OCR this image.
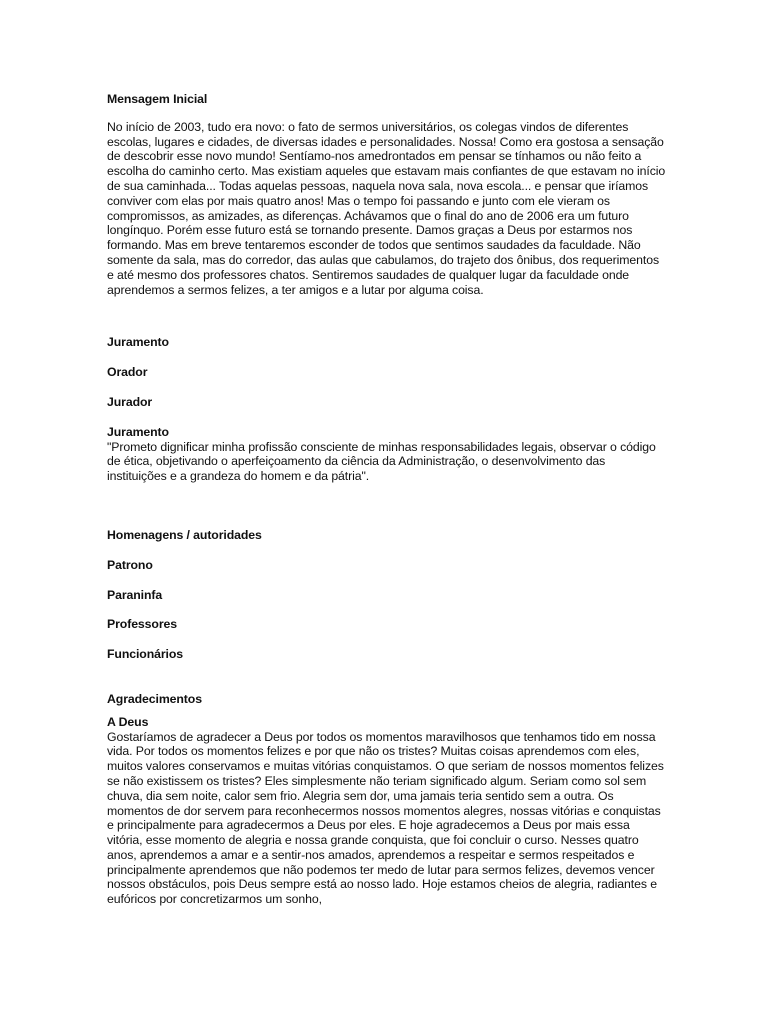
Mensagem Inicial

No início de 2003, tudo era novo: o fato de sermos universitários, os colegas vindos de diferentes escolas, lugares e cidades, de diversas idades e personalidades. Nossa! Como era gostosa a sensação de descobrir esse novo mundo! Sentíamo-nos amedrontados em pensar se tínhamos ou não feito a escolha do caminho certo. Mas existiam aqueles que estavam mais confiantes de que estavam no início de sua caminhada... Todas aquelas pessoas, naquela nova sala, nova escola... e pensar que iríamos conviver com elas por mais quatro anos! Mas o tempo foi passando e junto com ele vieram os compromissos, as amizades, as diferenças. Achávamos que o final do ano de 2006 era um futuro longínquo. Porém esse futuro está se tornando presente. Damos graças a Deus por estarmos nos formando. Mas em breve tentaremos esconder de todos que sentimos saudades da faculdade. Não somente da sala, mas do corredor, das aulas que cabulamos, do trajeto dos ônibus, dos requerimentos e até mesmo dos professores chatos. Sentiremos saudades de qualquer lugar da faculdade onde aprendemos a sermos felizes, a ter amigos e a lutar por alguma coisa.

Juramento
Orador
Jurador
Juramento

"Prometo dignificar minha profissão consciente de minhas responsabilidades legais, observar o código de ética, objetivando o aperfeiçoamento da ciência da Administração, o desenvolvimento das instituições e a grandeza do homem e da pátria".

Homenagens / autoridades
Patrono
Paraninfa
Professores
Funcionários
Agradecimentos
A Deus

Gostaríamos de agradecer a Deus por todos os momentos maravilhosos que tenhamos tido em nossa vida. Por todos os momentos felizes e por que não os tristes? Muitas coisas aprendemos com eles, muitos valores conservamos e muitas vitórias conquistamos. O que seriam de nossos momentos felizes se não existissem os tristes? Eles simplesmente não teriam significado algum. Seriam como sol sem chuva, dia sem noite, calor sem frio. Alegria sem dor, uma jamais teria sentido sem a outra. Os momentos de dor servem para reconhecermos nossos momentos alegres, nossas vitórias e conquistas e principalmente para agradecermos a Deus por eles. E hoje agradecemos a Deus por mais essa vitória, esse momento de alegria e nossa grande conquista, que foi concluir o curso. Nesses quatro anos, aprendemos a amar e a sentir-nos amados, aprendemos a respeitar e sermos respeitados e principalmente aprendemos que não podemos ter medo de lutar para sermos felizes, devemos vencer nossos obstáculos, pois Deus sempre está ao nosso lado. Hoje estamos cheios de alegria, radiantes e eufóricos por concretizarmos um sonho,
